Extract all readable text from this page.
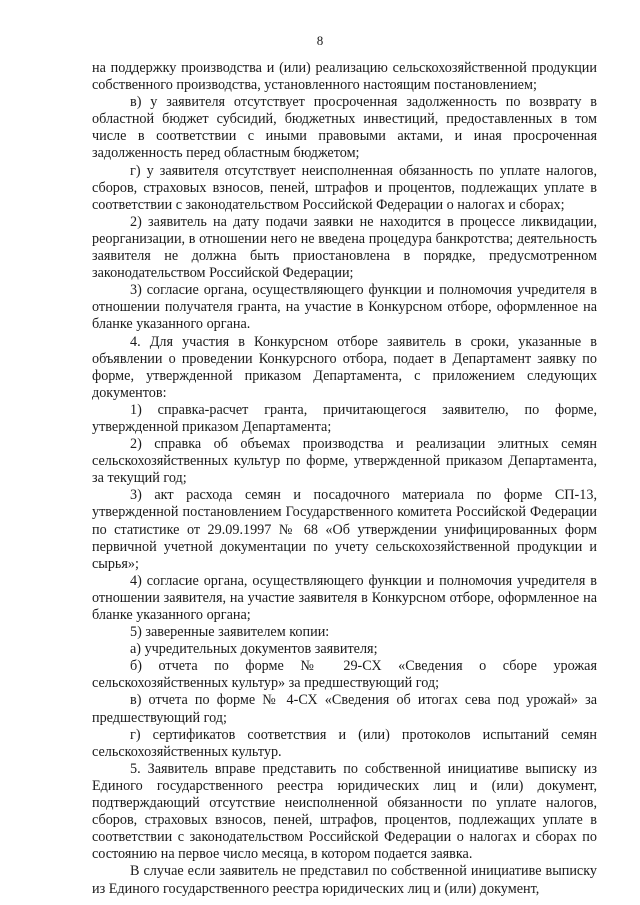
8

на поддержку производства и (или) реализацию сельскохозяйственной продукции собственного производства, установленного настоящим постановлением;

в) у заявителя отсутствует просроченная задолженность по возврату в областной бюджет субсидий, бюджетных инвестиций, предоставленных в том числе в соответствии с иными правовыми актами, и иная просроченная задолженность перед областным бюджетом;

г) у заявителя отсутствует неисполненная обязанность по уплате налогов, сборов, страховых взносов, пеней, штрафов и процентов, подлежащих уплате в соответствии с законодательством Российской Федерации о налогах и сборах;

2) заявитель на дату подачи заявки не находится в процессе ликвидации, реорганизации, в отношении него не введена процедура банкротства; деятельность заявителя не должна быть приостановлена в порядке, предусмотренном законодательством Российской Федерации;

3) согласие органа, осуществляющего функции и полномочия учредителя в отношении получателя гранта, на участие в Конкурсном отборе, оформленное на бланке указанного органа.

4. Для участия в Конкурсном отборе заявитель в сроки, указанные в объявлении о проведении Конкурсного отбора, подает в Департамент заявку по форме, утвержденной приказом Департамента, с приложением следующих документов:

1) справка-расчет гранта, причитающегося заявителю, по форме, утвержденной приказом Департамента;

2) справка об объемах производства и реализации элитных семян сельскохозяйственных культур по форме, утвержденной приказом Департамента, за текущий год;

3) акт расхода семян и посадочного материала по форме СП-13, утвержденной постановлением Государственного комитета Российской Федерации по статистике от 29.09.1997 № 68 «Об утверждении унифицированных форм первичной учетной документации по учету сельскохозяйственной продукции и сырья»;

4) согласие органа, осуществляющего функции и полномочия учредителя в отношении заявителя, на участие заявителя в Конкурсном отборе, оформленное на бланке указанного органа;

5) заверенные заявителем копии:

а) учредительных документов заявителя;

б) отчета по форме № 29-СХ «Сведения о сборе урожая сельскохозяйственных культур» за предшествующий год;

в) отчета по форме № 4-СХ «Сведения об итогах сева под урожай» за предшествующий год;

г) сертификатов соответствия и (или) протоколов испытаний семян сельскохозяйственных культур.

5. Заявитель вправе представить по собственной инициативе выписку из Единого государственного реестра юридических лиц и (или) документ, подтверждающий отсутствие неисполненной обязанности по уплате налогов, сборов, страховых взносов, пеней, штрафов, процентов, подлежащих уплате в соответствии с законодательством Российской Федерации о налогах и сборах по состоянию на первое число месяца, в котором подается заявка.

В случае если заявитель не представил по собственной инициативе выписку из Единого государственного реестра юридических лиц и (или) документ,
